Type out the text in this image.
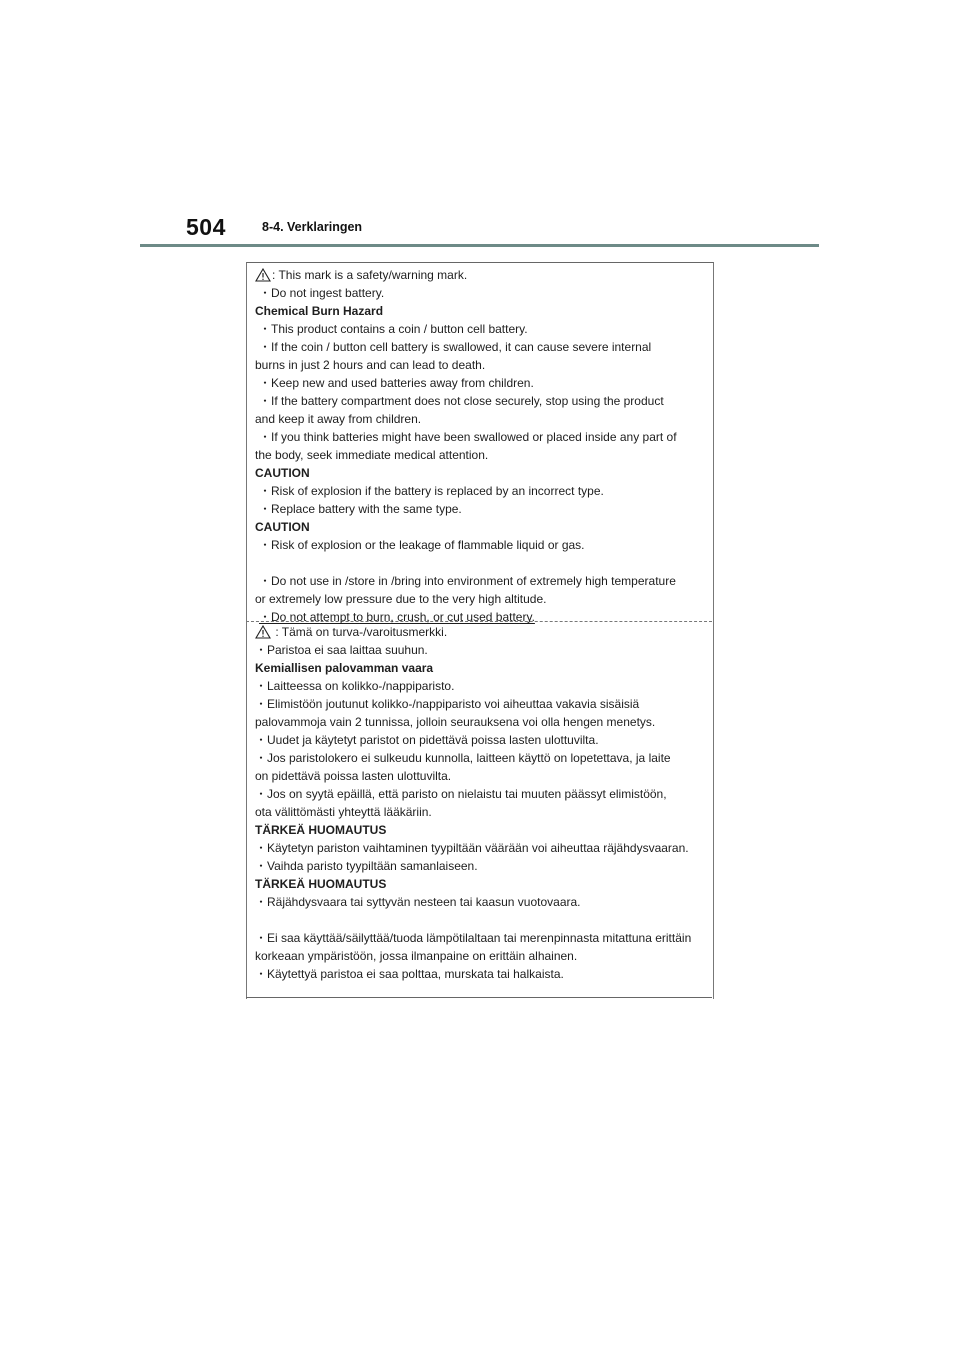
504	8-4. Verklaringen
: This mark is a safety/warning mark.
・Do not ingest battery.
Chemical Burn Hazard
・This product contains a coin / button cell battery.
・If the coin / button cell battery is swallowed, it can cause severe internal
burns in just 2 hours and can lead to death.
・Keep new and used batteries away from children.
・If the battery compartment does not close securely, stop using the product
and keep it away from children.
・If you think batteries might have been swallowed or placed inside any part of
the body, seek immediate medical attention.
CAUTION
・Risk of explosion if the battery is replaced by an incorrect type.
・Replace battery with the same type.
CAUTION
・Risk of explosion or the leakage of flammable liquid or gas.
・Do not use in /store in /bring into environment of extremely high temperature
or extremely low pressure due to the very high altitude.
・Do not attempt to burn, crush, or cut used battery.
: Tämä on turva-/varoitusmerkki.
・Paristoa ei saa laittaa suuhun.
Kemiallisen palovamman vaara
・Laitteessa on kolikko-/nappiparisto.
・Elimistöön joutunut kolikko-/nappiparisto voi aiheuttaa vakavia sisäisiä
palovammoja vain 2 tunnissa, jolloin seurauksena voi olla hengen menetys.
・Uudet ja käytetyt paristot on pidettävä poissa lasten ulottuvilta.
・Jos paristolokero ei sulkeudu kunnolla, laitteen käyttö on lopetettava, ja laite
on pidettävä poissa lasten ulottuvilta.
・Jos on syytä epäillä, että paristo on nielaistu tai muuten päässyt elimistöön,
ota välittömästi yhteyttä lääkäriin.
TÄRKEÄ HUOMAUTUS
・Käytetyn pariston vaihtaminen tyypiltään väärään voi aiheuttaa räjähdysvaaran.
・Vaihda paristo tyypiltään samanlaiseen.
TÄRKEÄ HUOMAUTUS
・Räjähdysvaara tai syttyvän nesteen tai kaasun vuotovaara.
・Ei saa käyttää/säilyttää/tuoda lämpötilaltaan tai merenpinnasta mitattuna erittäin
korkeaan ympäristöön, jossa ilmanpaine on erittäin alhainen.
・Käytettyä paristoa ei saa polttaa, murskata tai halkaista.
